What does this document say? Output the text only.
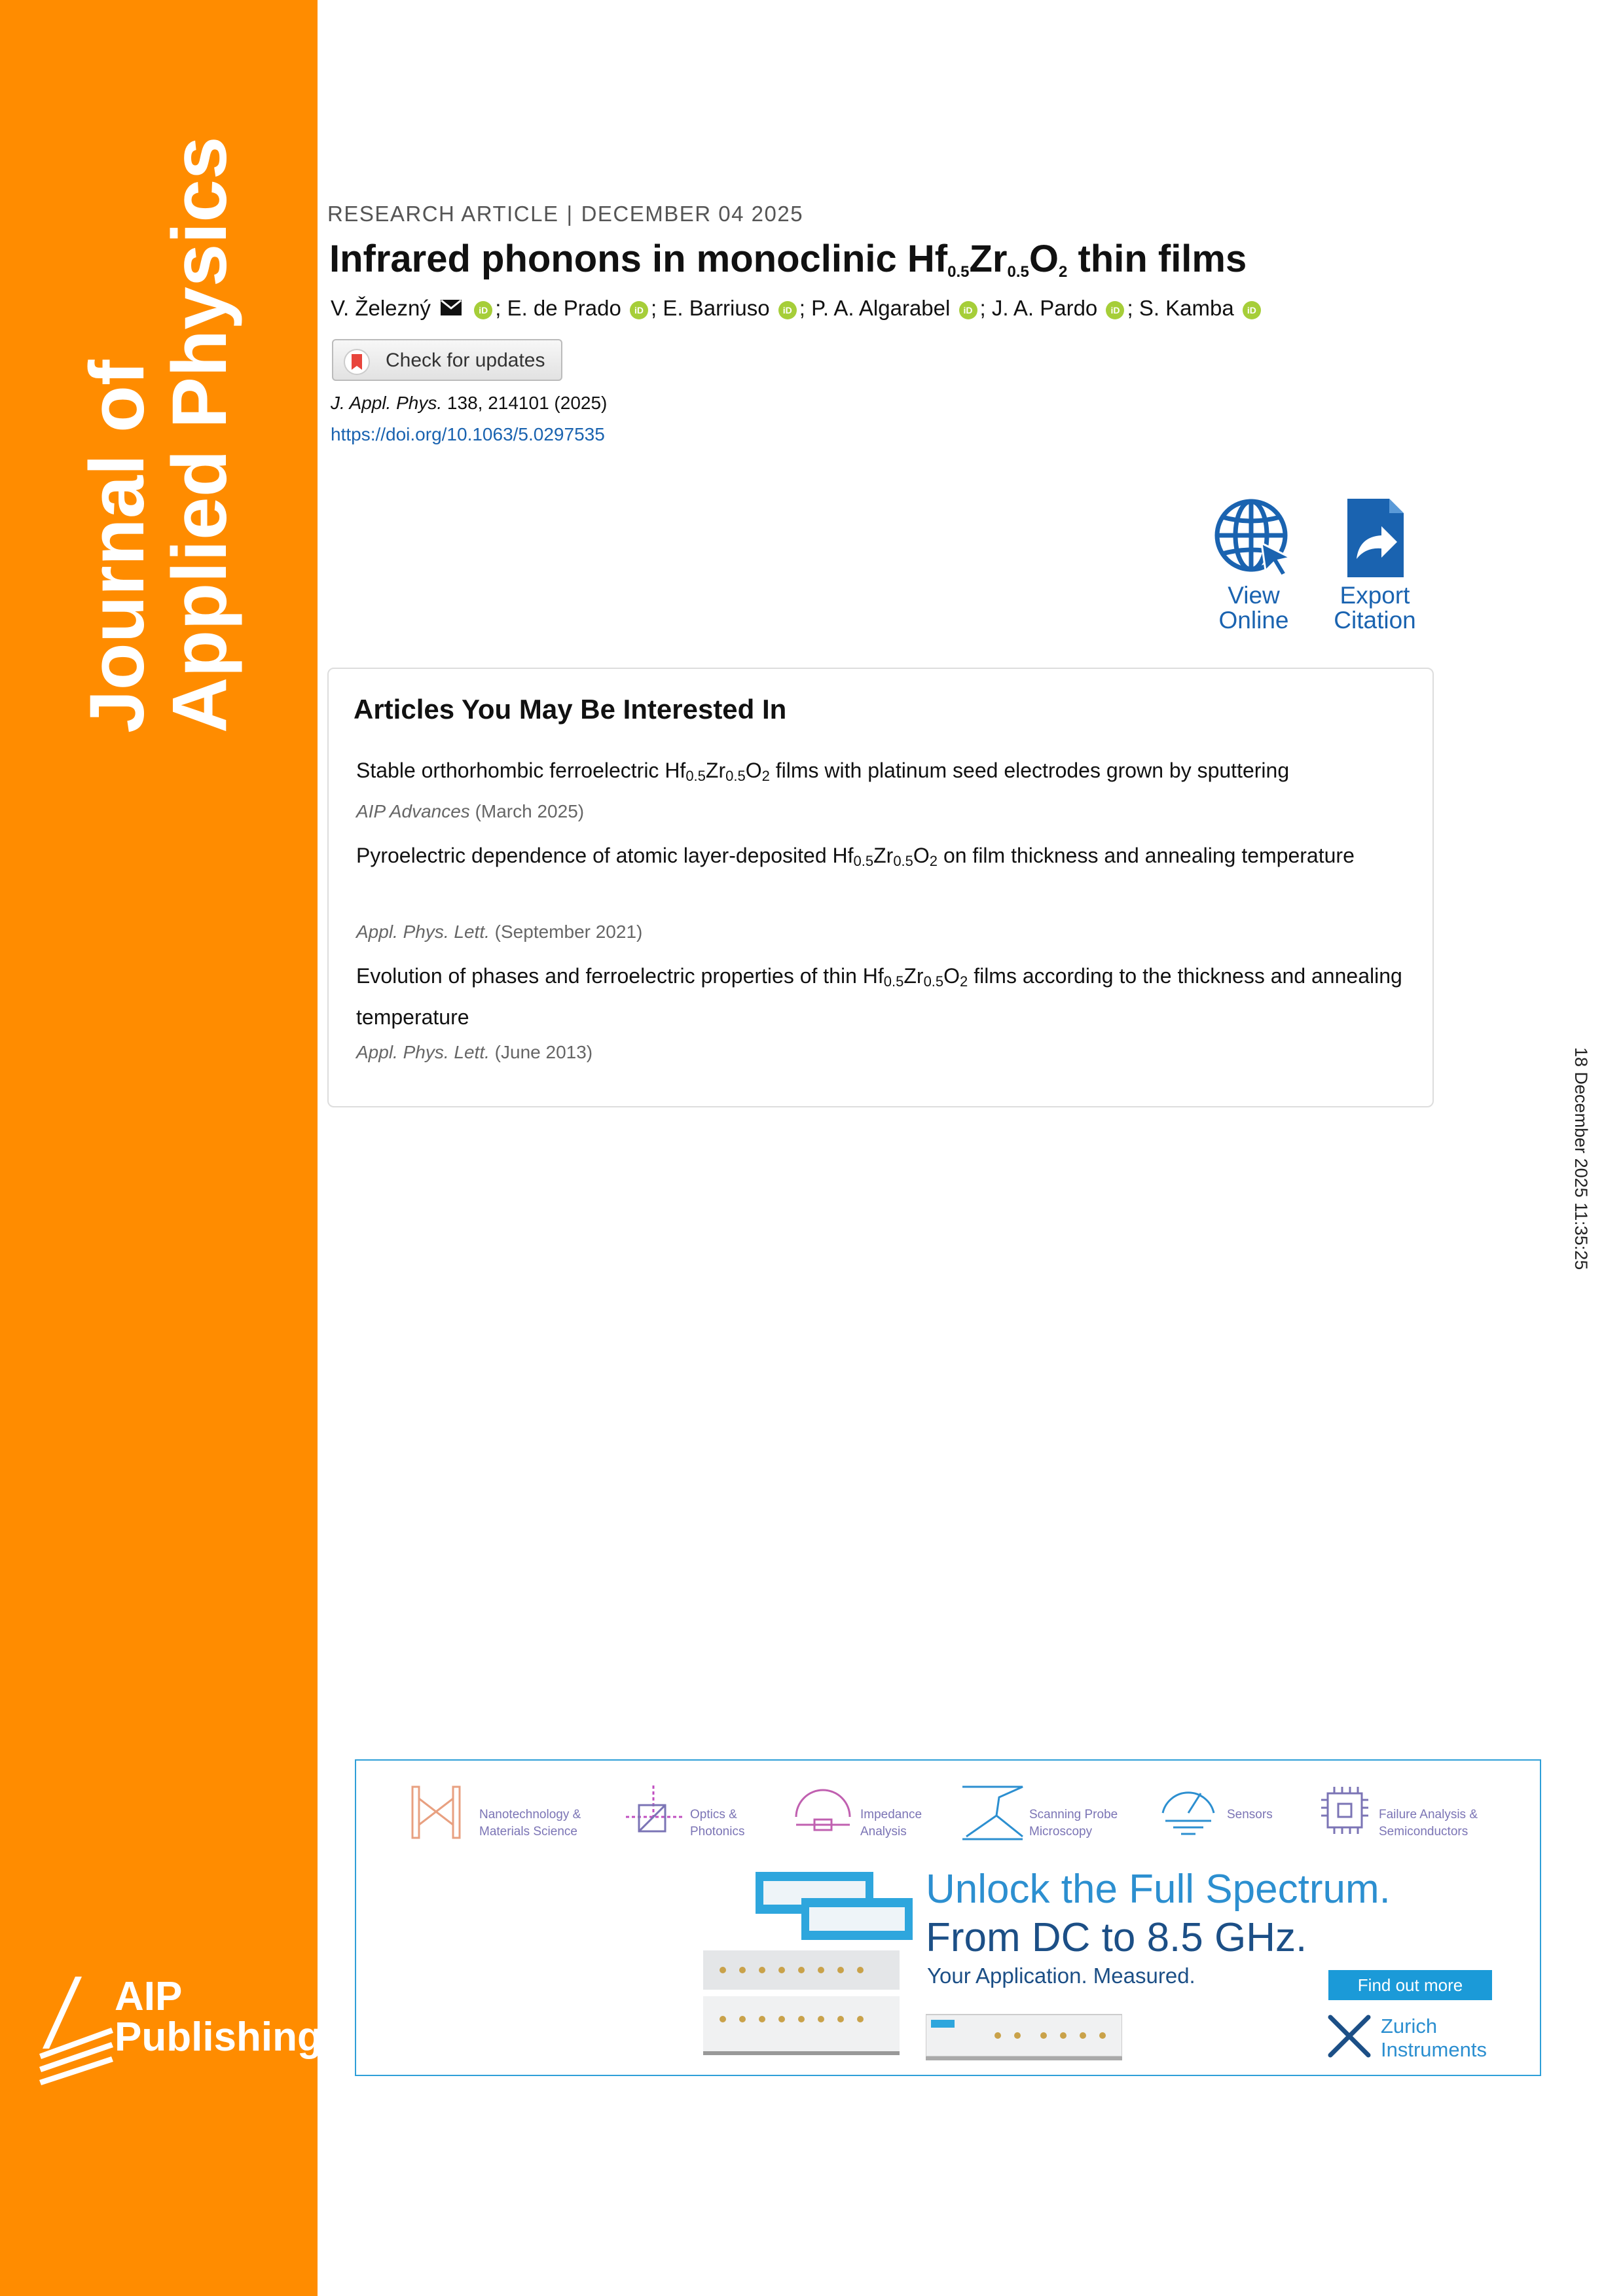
Journal of
Applied Physics
AIP
Publishing
RESEARCH ARTICLE | DECEMBER 04 2025
Infrared phonons in monoclinic $Hf_{0.5}Zr_{0.5}O_2$ thin films
V. Železný	iD ; E. de Prado iD ; E. Barriuso iD ; P. A. Algarabel iD ; J. A. Pardo iD ; S. Kamba iD
Check for updates
J. Appl. Phys. 138, 214101 (2025)
https://doi.org/10.1063/5.0297535
View
Online
Export
Citation
Articles You May Be Interested In
Stable orthorhombic ferroelectric $Hf_{0.5}Zr_{0.5}O_2$ films with platinum seed electrodes grown by sputtering
AIP Advances (March 2025)
Pyroelectric dependence of atomic layer-deposited $Hf_{0.5}Zr_{0.5}O_2$ on film thickness and annealing temperature
Appl. Phys. Lett. (September 2021)
Evolution of phases and ferroelectric properties of thin $Hf_{0.5}Zr_{0.5}O_2$ films according to the thickness and annealing temperature
Appl. Phys. Lett. (June 2013)	18 December 2025 11:35:25
Nanotechnology &
Materials Science
Optics &
Photonics
Impedance
Analysis
Scanning Probe
Microscopy
Sensors	Failure Analysis &
Semiconductors
Unlock the Full Spectrum.
From DC to 8.5 GHz.
Your Application. Measured.	Find out more
Zurich
Instruments
